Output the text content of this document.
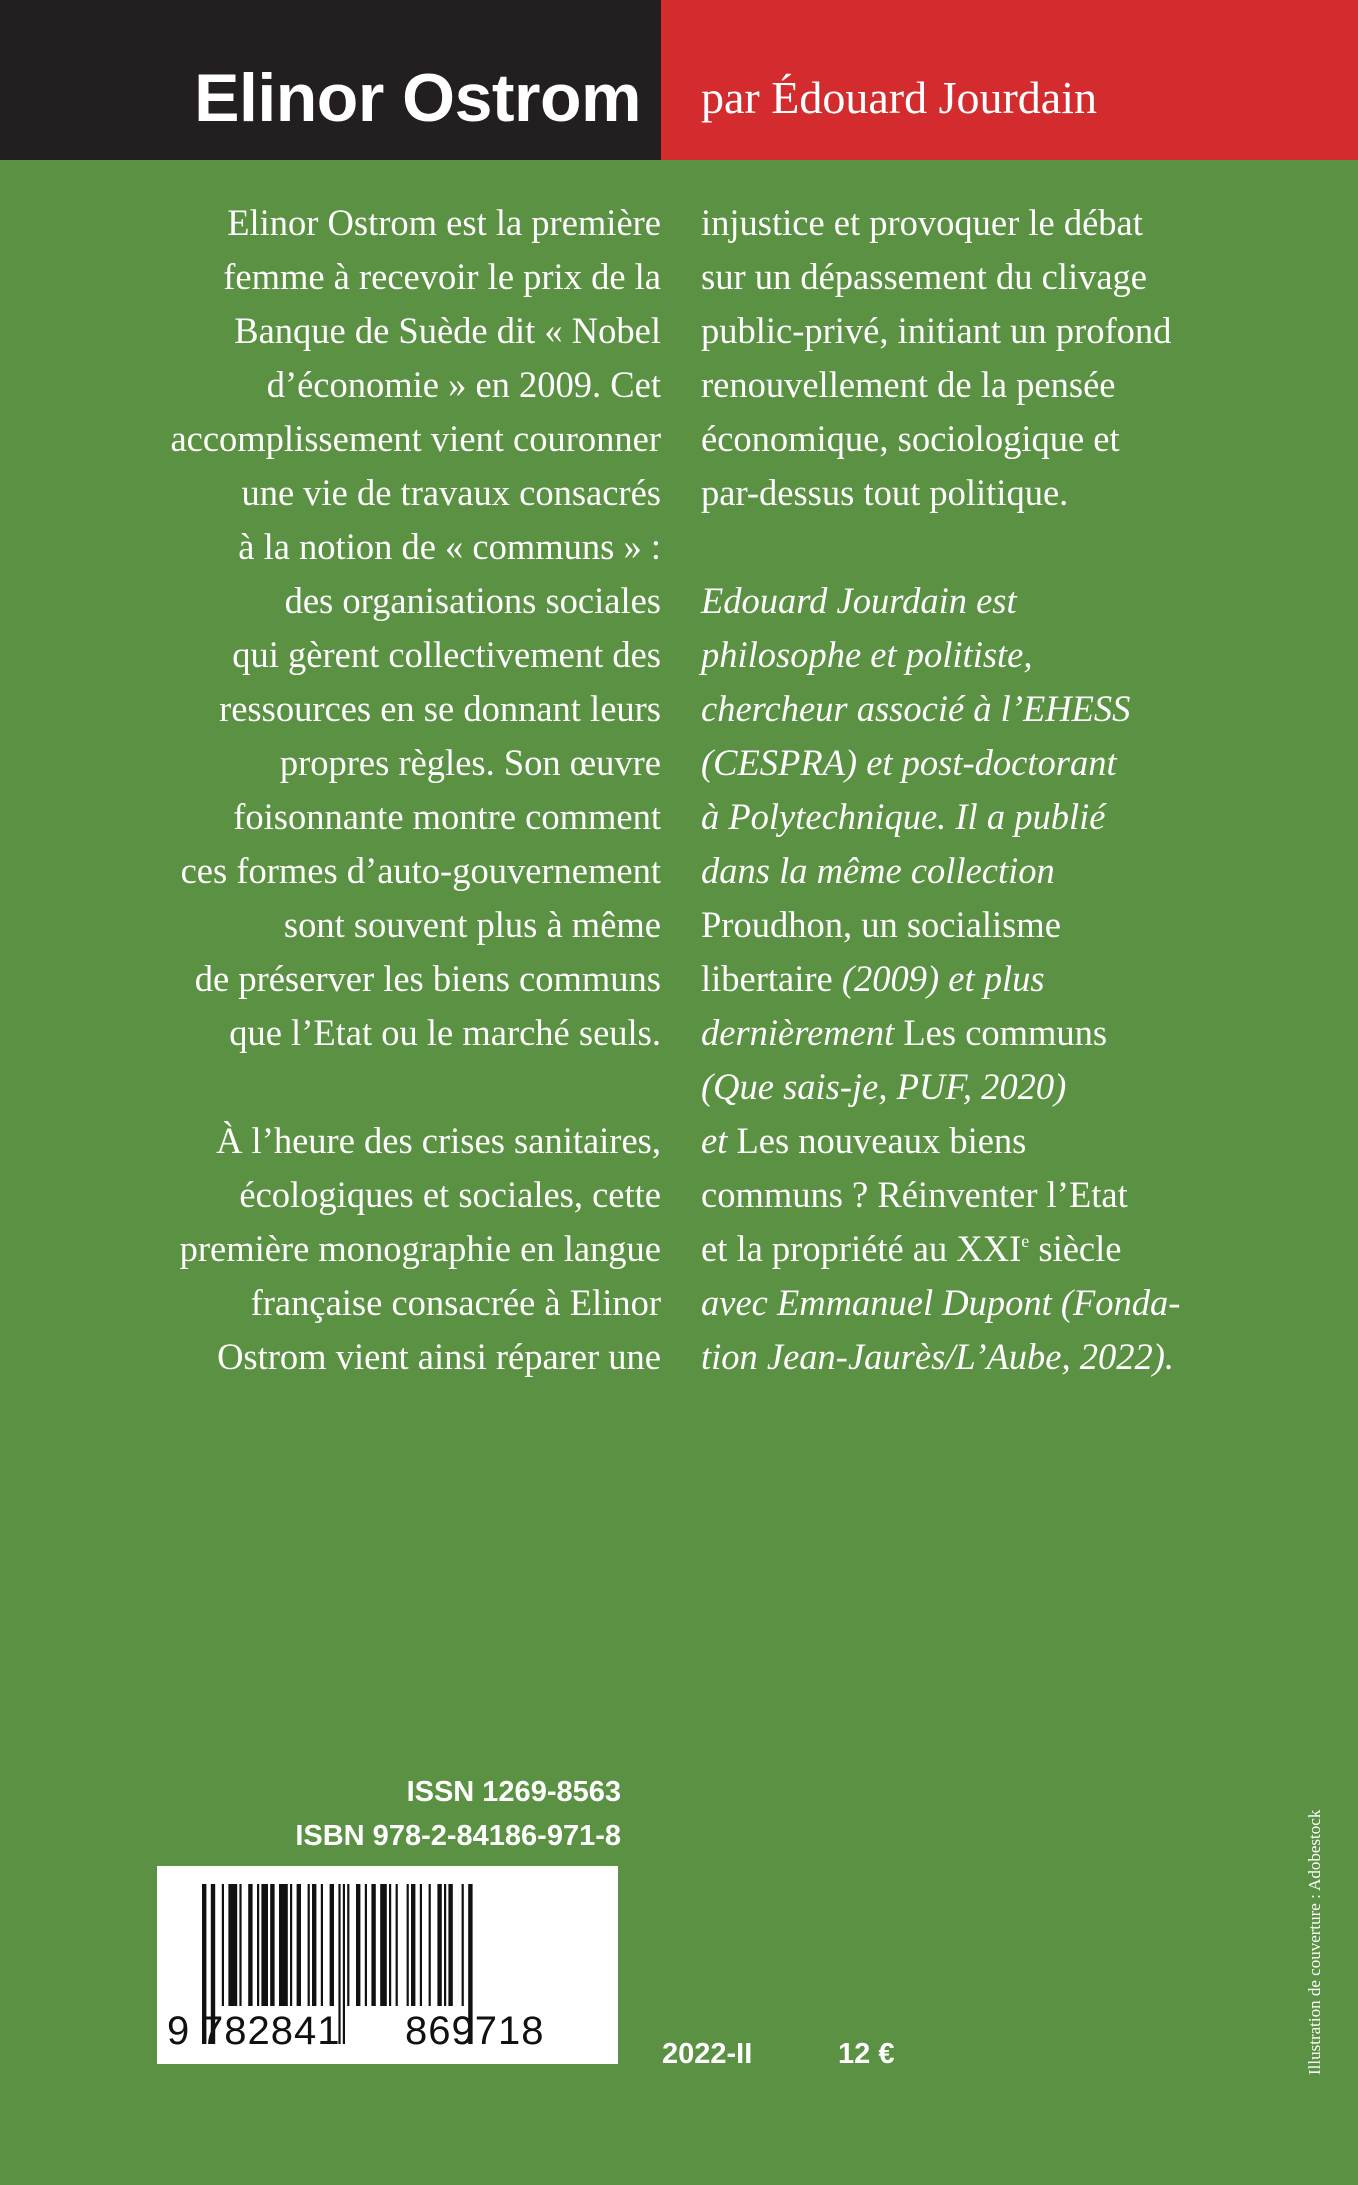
Elinor Ostrom par Édouard Jourdain
Elinor Ostrom est la première
femme à recevoir le prix de la
Banque de Suède dit « Nobel
d’économie » en 2009. Cet
accomplissement vient couronner
une vie de travaux consacrés
à la notion de « communs » :
des organisations sociales
qui gèrent collectivement des
ressources en se donnant leurs
propres règles. Son œuvre
foisonnante montre comment
ces formes d’auto-gouvernement
sont souvent plus à même
de préserver les biens communs
que l’Etat ou le marché seuls.
À l’heure des crises sanitaires,
écologiques et sociales, cette
première monographie en langue
française consacrée à Elinor
Ostrom vient ainsi réparer une
injustice et provoquer le débat
sur un dépassement du clivage
public-privé, initiant un profond
renouvellement de la pensée
économique, sociologique et
par-dessus tout politique.
Edouard Jourdain est
philosophe et politiste,
chercheur associé à l’EHESS
(CESPRA) et post-doctorant
à Polytechnique. Il a publié
dans la même collection
Proudhon, un socialisme
libertaire (2009) et plus
dernièrement Les communs
(Que sais-je, PUF, 2020)
et Les nouveaux biens
communs ? Réinventer l’Etat
et la propriété au XXIe siècle
avec Emmanuel Dupont (Fonda-
tion Jean-Jaurès/L’Aube, 2022).
ISSN 1269-8563
ISBN 978-2-84186-971-8
9 782841 869718
2022-II	12 €	Illustration de couverture : Adobestock
